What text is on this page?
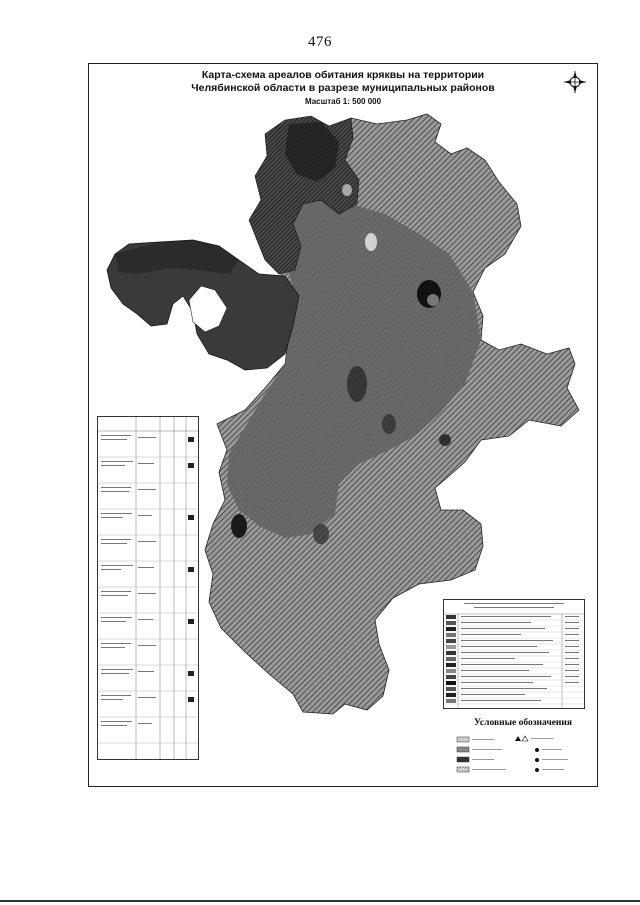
476
Карта-схема ареалов обитания кряквы на территории
Челябинской области в разрезе муниципальных районов
Масштаб 1: 500 000
Условные обозначения
